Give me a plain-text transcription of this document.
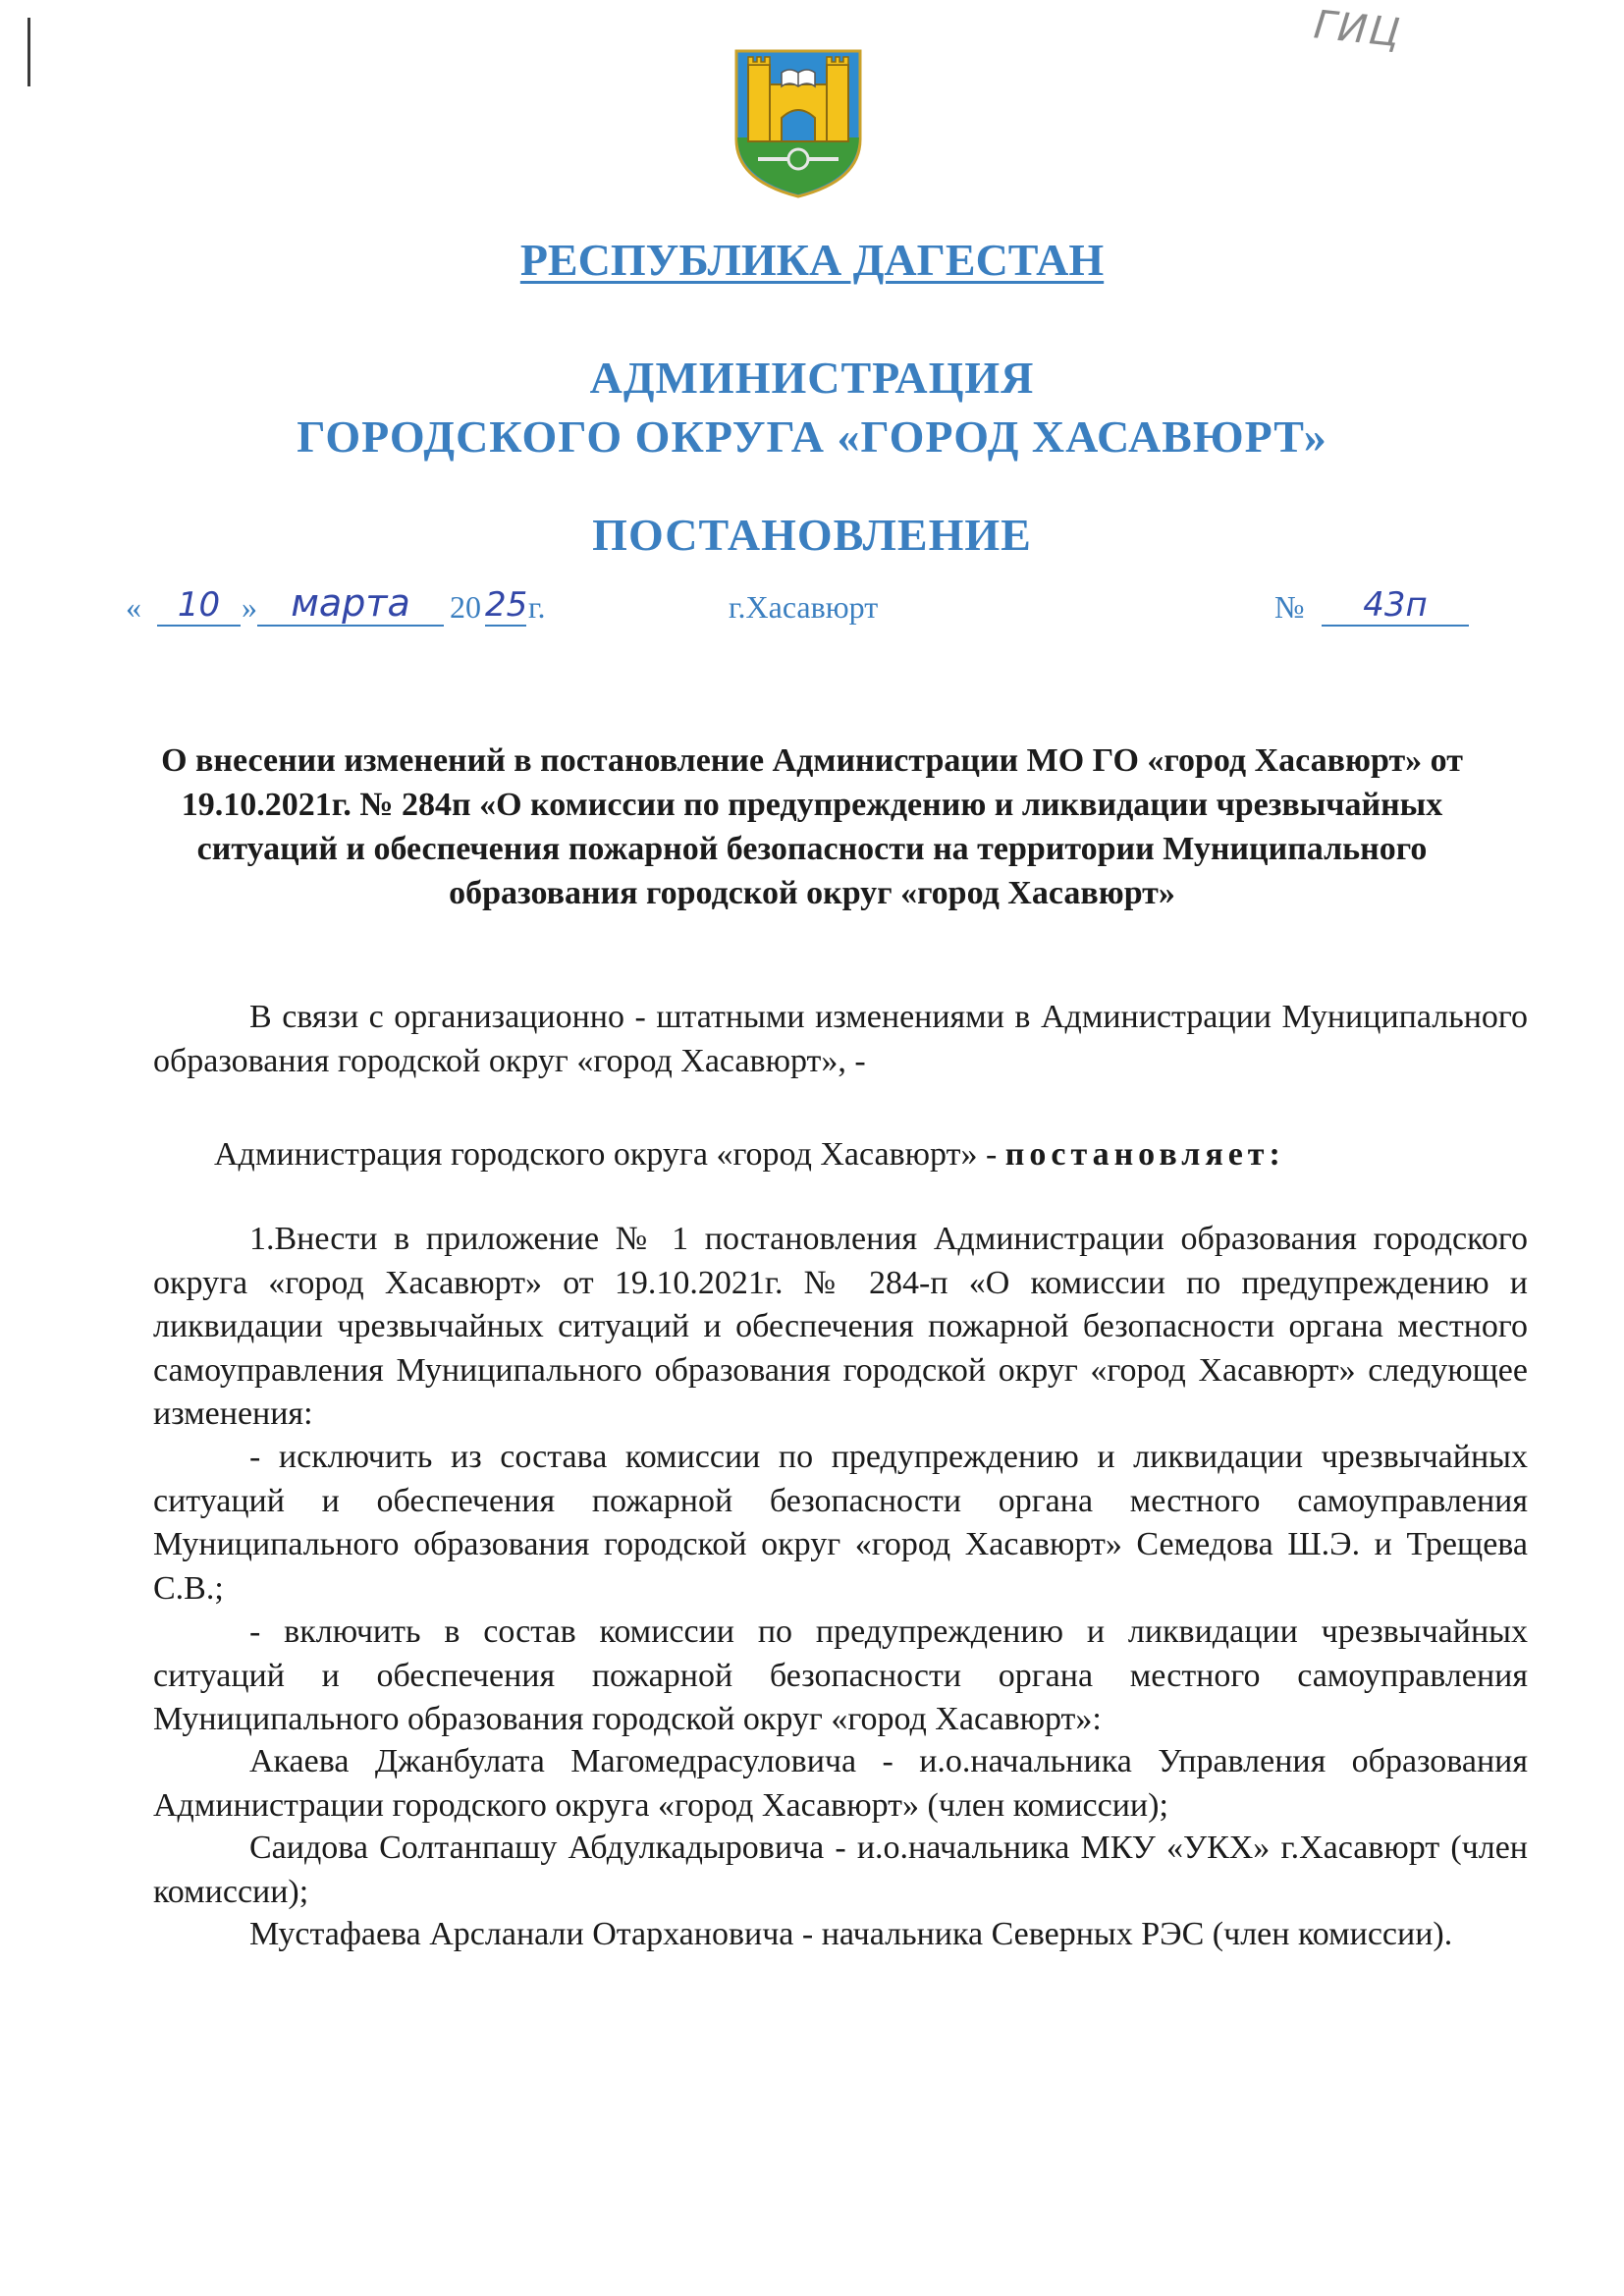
ГИЦ
РЕСПУБЛИКА ДАГЕСТАН
АДМИНИСТРАЦИЯ
ГОРОДСКОГО ОКРУГА «ГОРОД ХАСАВЮРТ»
ПОСТАНОВЛЕНИЕ
«	10 » марта	20 25 г.	г.Хасавюрт	№	43п

О внесении изменений в постановление Администрации МО ГО «город Хасавюрт» от 19.10.2021г. № 284п «О комиссии по предупреждению и ликвидации чрезвычайных ситуаций и обеспечения пожарной безопасности на территории Муниципального образования городской округ «город Хасавюрт»

В связи с организационно - штатными изменениями в Администрации Муниципального образования городской округ «город Хасавюрт», -

Администрация городского округа «город Хасавюрт» - постановляет:

1.Внести в приложение № 1 постановления Администрации образования городского округа «город Хасавюрт» от 19.10.2021г. № 284-п «О комиссии по предупреждению и ликвидации чрезвычайных ситуаций и обеспечения пожарной безопасности органа местного самоуправления Муниципального образования городской округ «город Хасавюрт» следующее изменения:

- исключить из состава комиссии по предупреждению и ликвидации чрезвычайных ситуаций и обеспечения пожарной безопасности органа местного самоуправления Муниципального образования городской округ «город Хасавюрт» Семедова Ш.Э. и Трещева С.В.;

- включить в состав комиссии по предупреждению и ликвидации чрезвычайных ситуаций и обеспечения пожарной безопасности органа местного самоуправления Муниципального образования городской округ «город Хасавюрт»:

Акаева Джанбулата Магомедрасуловича - и.о.начальника Управления образования Администрации городского округа «город Хасавюрт» (член комиссии);

Саидова Солтанпашу Абдулкадыровича - и.о.начальника МКУ «УКХ» г.Хасавюрт (член комиссии);

Мустафаева Арсланали Отархановича - начальника Северных РЭС (член комиссии).
